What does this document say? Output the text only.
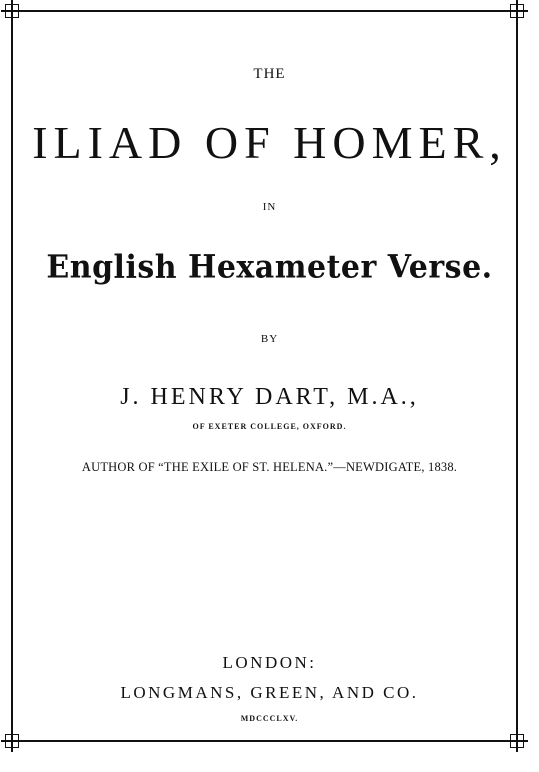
THE
ILIAD OF HOMER,
IN
English Hexameter Verse.
BY
J. HENRY DART, M.A.,
OF EXETER COLLEGE, OXFORD.
AUTHOR OF “THE EXILE OF ST. HELENA.”—NEWDIGATE, 1838.
LONDON:
LONGMANS, GREEN, AND CO.
MDCCCLXV.
